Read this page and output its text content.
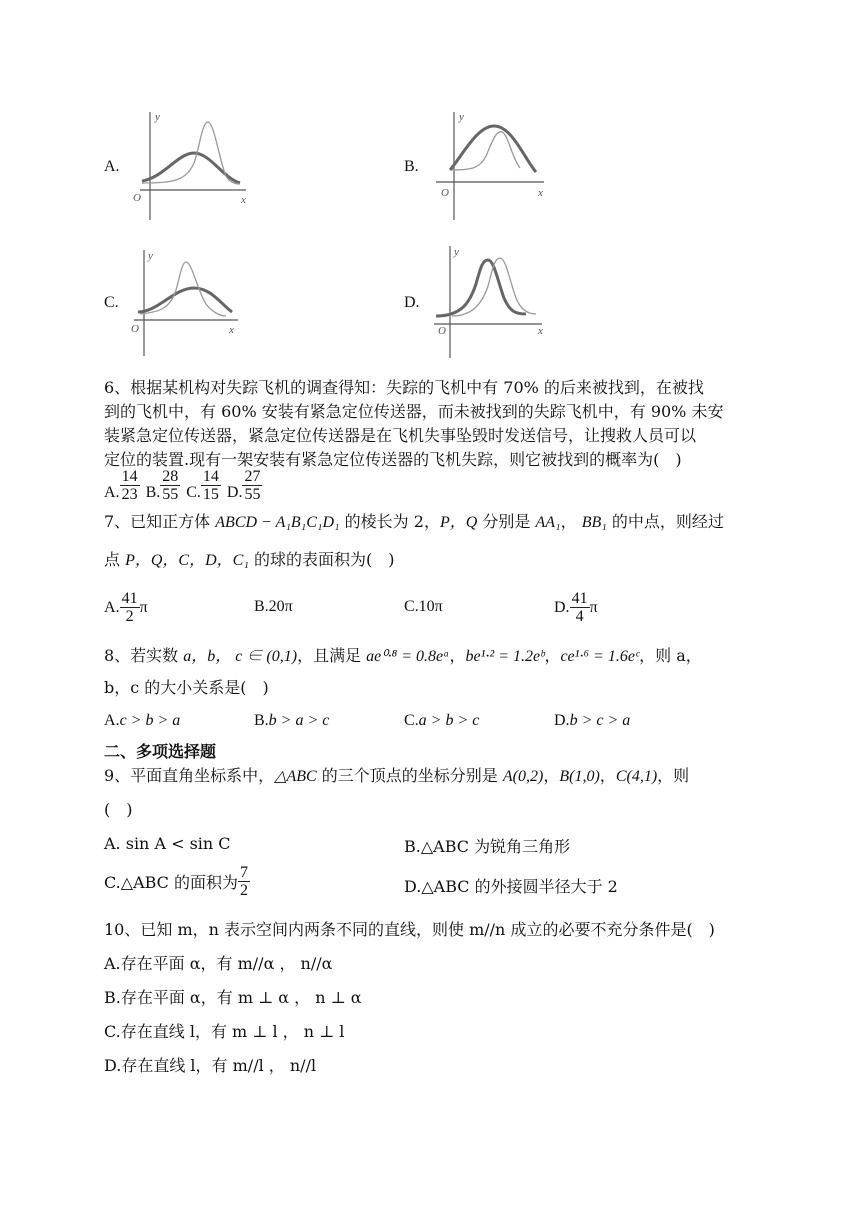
A.
y
x
O
B.
y
x
O
C.
y
x
O
D.
y
x
O
6、根据某机构对失踪飞机的调查得知：失踪的飞机中有 70% 的后来被找到，在被找
到的飞机中，有 60% 安装有紧急定位传送器，而未被找到的失踪飞机中，有 90% 未安
装紧急定位传送器，紧急定位传送器是在飞机失事坠毁时发送信号，让搜救人员可以
定位的装置.现有一架安装有紧急定位传送器的飞机失踪，则它被找到的概率为(　)
A. $\frac{14}{23} B$. $\frac{28}{55} C$. $\frac{14}{15} D$. $\frac{27}{55}$
7、已知正方体 ABCD − A₁B₁C₁D₁ 的棱长为 2，P，Q 分别是 AA₁， BB₁ 的中点，则经过
点 P，Q，C，D，C₁ 的球的表面积为(　)
A. $\frac{41}{2}$ π	B.20π	C.10π	D. $\frac{41}{4}$ π
8、若实数 a，b， c ∈ (0,1)，且满足 ae⁰·⁸ = 0.8eᵃ，be¹·² = 1.2eᵇ，ce¹·⁶ = 1.6eᶜ，则 a，
b，c 的大小关系是(　)
A.c > b > a	B.b > a > c	C.a > b > c	D.b > c > a
二、多项选择题
9、平面直角坐标系中，△ABC 的三个顶点的坐标分别是 A(0,2)，B(1,0)，C(4,1)，则
(　)
A. sin A < sin C	B.△ABC 为锐角三角形
C.△ABC 的面积为 $\frac{7}{2}$	D.△ABC 的外接圆半径大于 2
10、已知 m，n 表示空间内两条不同的直线，则使 m//n 成立的必要不充分条件是(　)
A.存在平面 α，有 m//α ， n//α
B.存在平面 α，有 m ⊥ α ， n ⊥ α
C.存在直线 l，有 m ⊥ l ， n ⊥ l
D.存在直线 l，有 m//l ， n//l
